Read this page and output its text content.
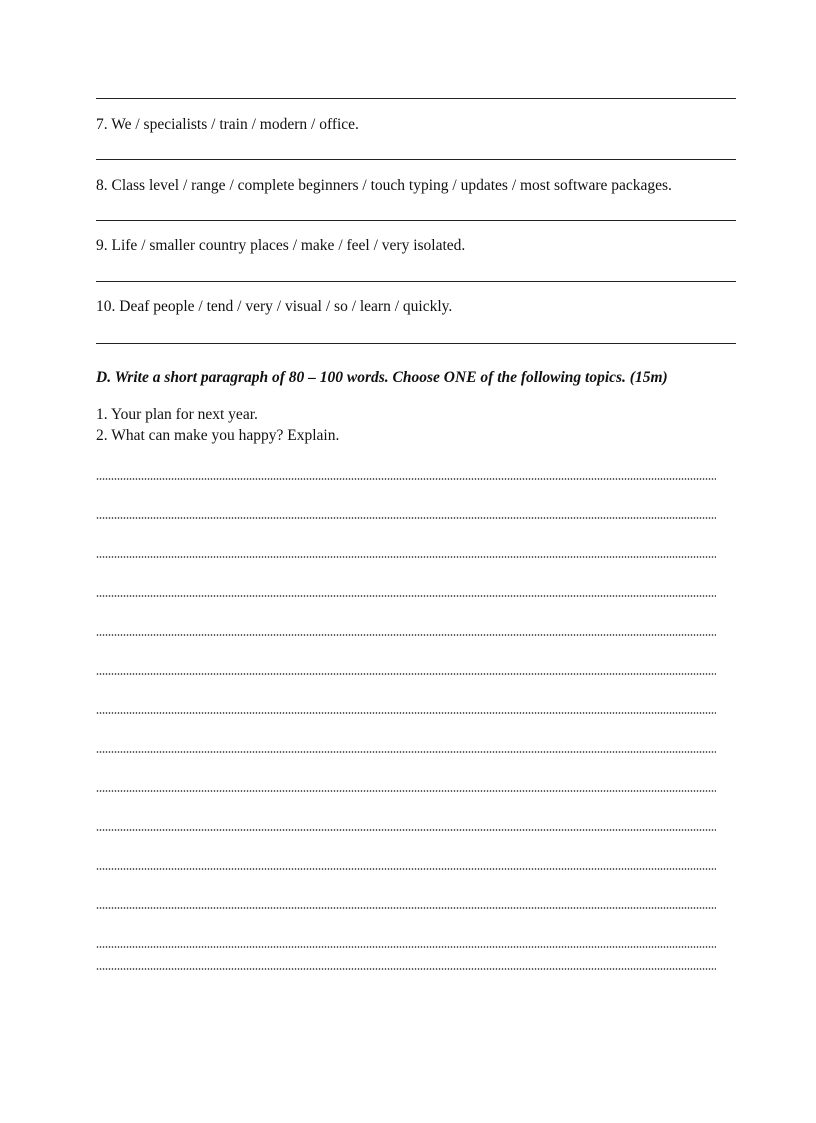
7. We / specialists / train / modern / office.
8. Class level / range / complete beginners / touch typing / updates / most software packages.
9. Life / smaller country places / make / feel / very isolated.
10. Deaf people / tend / very / visual / so / learn / quickly.
D. Write a short paragraph of 80 – 100 words. Choose ONE of the following topics. (15m)
1. Your plan for next year.
2. What can make you happy? Explain.
